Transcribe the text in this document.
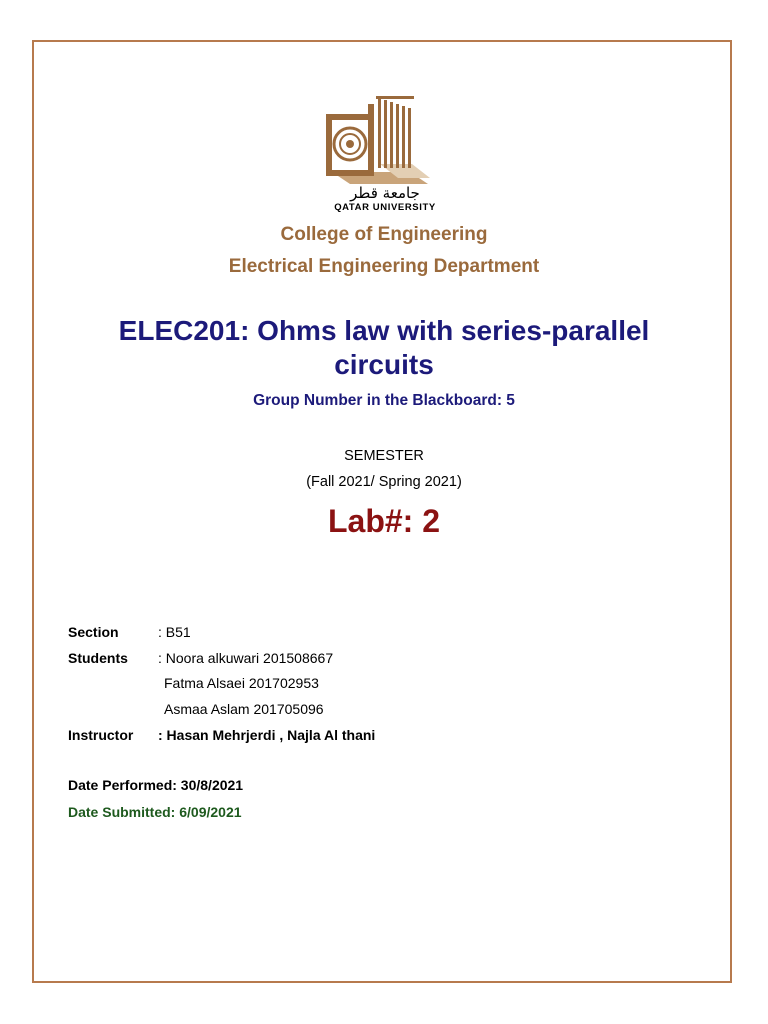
جامعة قطر
QATAR UNIVERSITY
College of Engineering
Electrical Engineering Department
ELEC201: Ohms law with series-parallel circuits
Group Number in the Blackboard: 5
SEMESTER
(Fall 2021/ Spring 2021)
Lab#: 2
Section	: B51
Students : Noora alkuwari 201508667
Fatma Alsaei 201702953
Asmaa Aslam 201705096
Instructor : Hasan Mehrjerdi , Najla Al thani
Date Performed: 30/8/2021
Date Submitted: 6/09/2021
